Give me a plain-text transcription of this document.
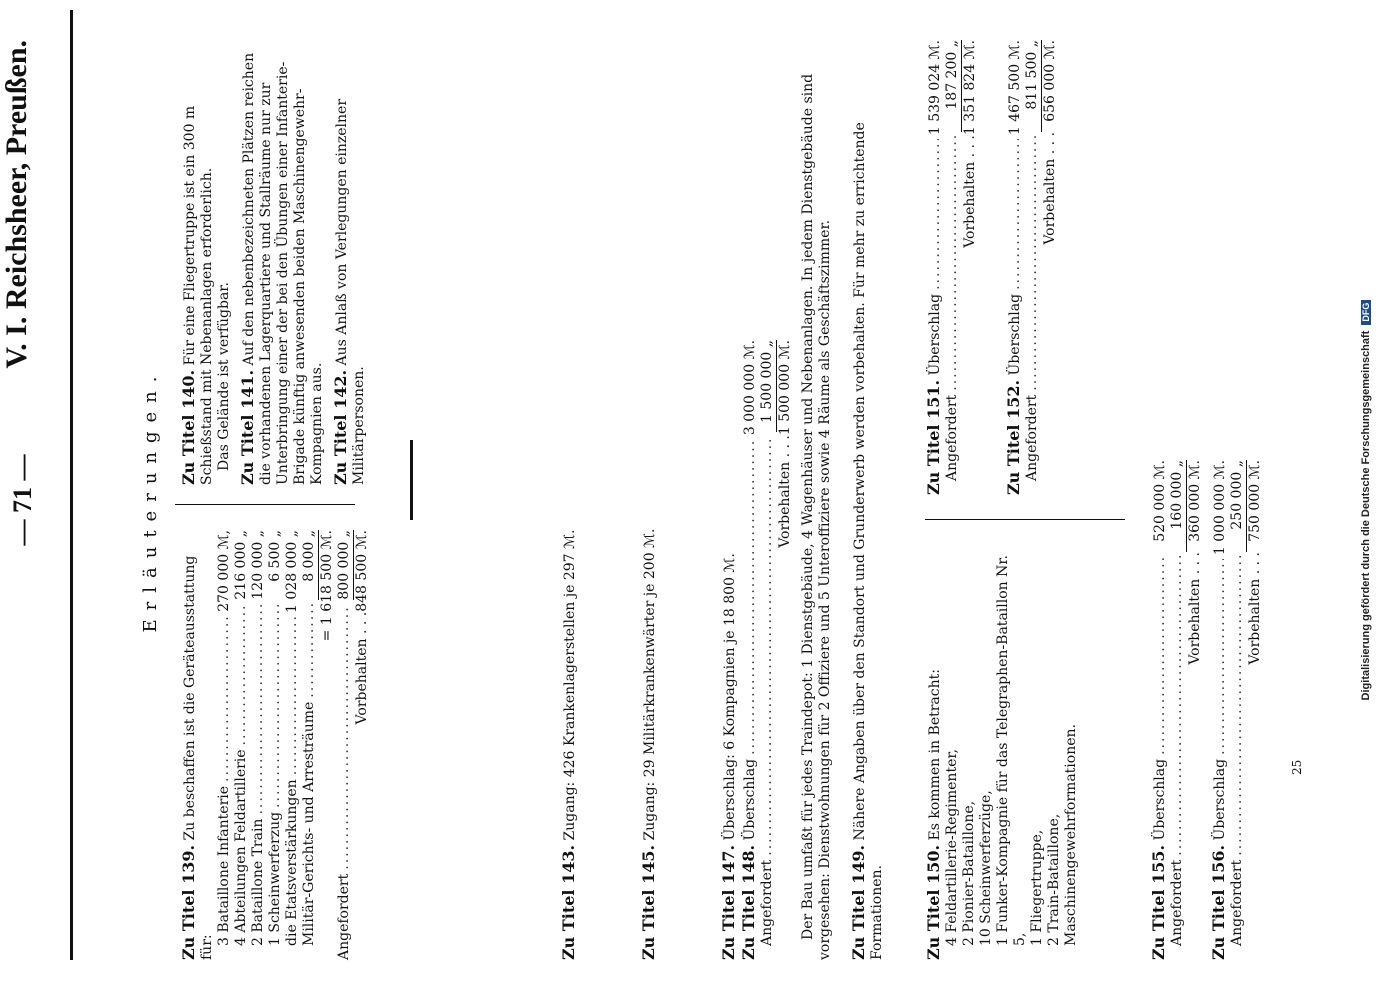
— 71 —
V. I. Reichsheer, Preußen.
Erläuterungen.
Zu Titel 139. Zu beschaffen ist die Geräteausstattung für:
3 Bataillone Infanterie
.....
270 000 ℳ,
4 Abteilungen Feldartillerie
.....
216 000 „
2 Bataillone Train
.....
120 000 „
1 Scheinwerferzug
.....
6 500 „
die Etatsverstärkungen
.....
1 028 000 „
Militär-Gerichts- und Arresträume
.....
8 000 „ = 1 618 500 ℳ.
Angefordert
.....
800 000 „
Vorbehalten . . .
848 500 ℳ.
Zu Titel 140. Für eine Fliegertruppe ist ein 300 m Schießstand mit Nebenanlagen erforderlich. Das Gelände ist verfügbar. Zu Titel 141. Auf den nebenbezeichneten Plätzen reichen die vorhandenen Lagerquartiere und Stallräume nur zur Unterbringung einer der bei den Übungen einer Infanterie-Brigade künftig anwesenden beiden Maschinengewehr-Kompagnien aus. Zu Titel 142. Aus Anlaß von Verlegungen einzelner Militärpersonen.
Zu Titel 143. Zugang: 426 Krankenlagerstellen je 297 ℳ.
Zu Titel 145. Zugang: 29 Militärkrankenwärter je 200 ℳ.
Zu Titel 147. Überschlag: 6 Kompagnien je 18 800 ℳ.
Zu Titel 148.

Überschlag
.....
3 000 000 ℳ.
Angefordert
.....
1 500 000 „
Vorbehalten . . .
1 500 000 ℳ. Der Bau umfaßt für jedes Traindepot: 1 Dienstgebäude, 4 Wagenhäuser und Nebenanlagen. In jedem Dienstgebäude sind vorgesehen: Dienstwohnungen für 2 Offiziere und 5 Unteroffiziere sowie 4 Räume als Geschäftszimmer. Zu Titel 149. Nähere Angaben über den Standort und Grunderwerb werden vorbehalten. Für mehr zu errichtende Formationen. Zu Titel 150. Es kommen in Betracht: 4 Feldartillerie-Regimenter, 2 Pionier-Bataillone, 10 Scheinwerferzüge, 1 Funker-Kompagnie für das Telegraphen-Bataillon Nr. 5, 1 Fliegertruppe, 2 Train-Bataillone, Maschinengewehrformationen.
Zu Titel 151.

Überschlag
.....
1 539 024 ℳ.
Angefordert
.....
187 200 „
Vorbehalten . . .
1 351 824 ℳ.
Zu Titel 152.

Überschlag
.....
1 467 500 ℳ.
Angefordert
.....
811 500 „
Vorbehalten . . .
656 000 ℳ.
Zu Titel 155.

Überschlag
.....
520 000 ℳ.
Angefordert
.....
160 000 „
Vorbehalten . . .
360 000 ℳ.
Zu Titel 156.

Überschlag
.....
1 000 000 ℳ.
Angefordert
.....
250 000 „
Vorbehalten . . .
750 000 ℳ.
25
Digitalisierung gefördert durch die Deutsche Forschungsgemeinschaft DFG
